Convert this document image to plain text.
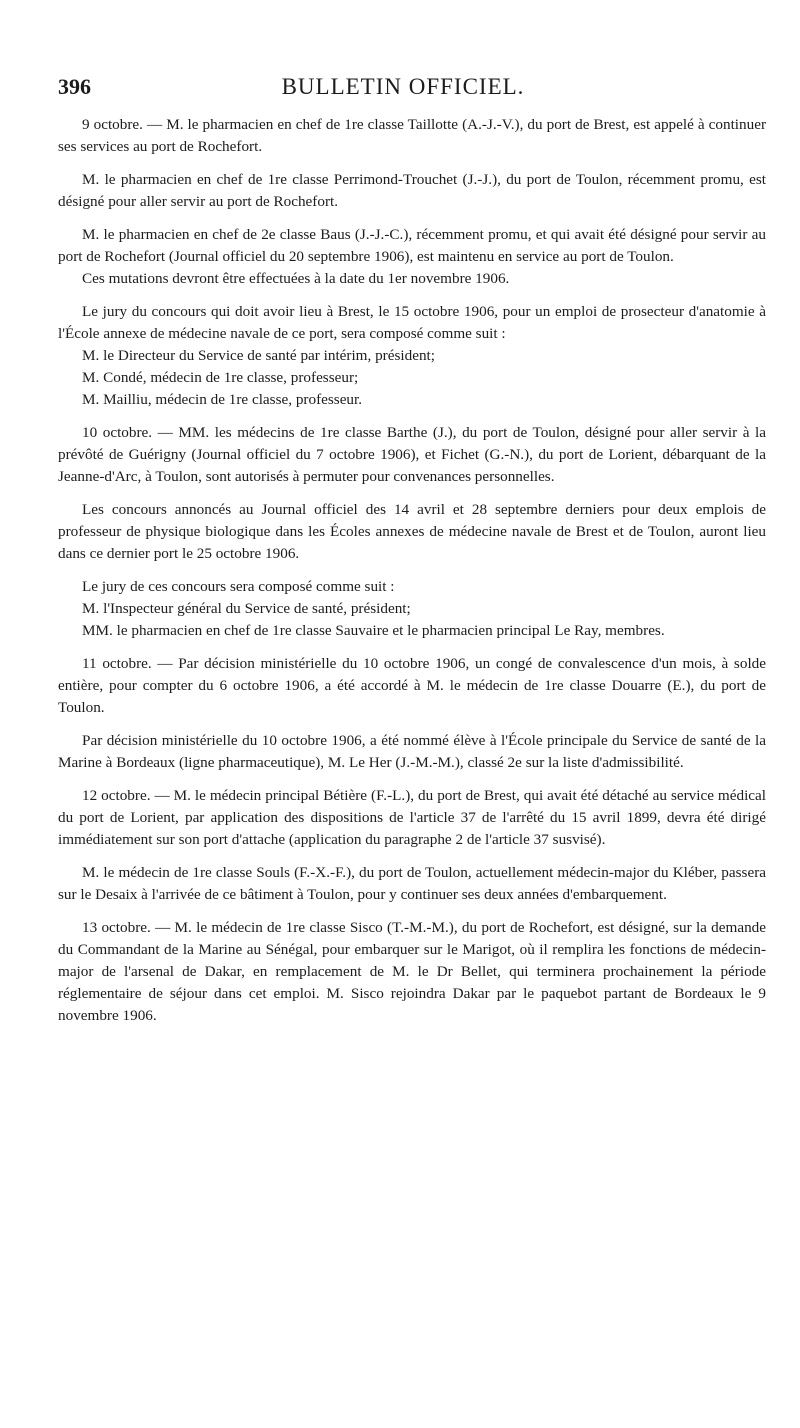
396	BULLETIN OFFICIEL.

9 octobre. — M. le pharmacien en chef de 1re classe Taillotte (A.-J.-V.), du port de Brest, est appelé à continuer ses services au port de Rochefort.

M. le pharmacien en chef de 1re classe Perrimond-Trouchet (J.-J.), du port de Toulon, récemment promu, est désigné pour aller servir au port de Rochefort.

M. le pharmacien en chef de 2e classe Baus (J.-J.-C.), récemment promu, et qui avait été désigné pour servir au port de Rochefort (Journal officiel du 20 septembre 1906), est maintenu en service au port de Toulon.

Ces mutations devront être effectuées à la date du 1er novembre 1906.

Le jury du concours qui doit avoir lieu à Brest, le 15 octobre 1906, pour un emploi de prosecteur d'anatomie à l'École annexe de médecine navale de ce port, sera composé comme suit :

M. le Directeur du Service de santé par intérim, président;

M. Condé, médecin de 1re classe, professeur;

M. Mailliu, médecin de 1re classe, professeur.

10 octobre. — MM. les médecins de 1re classe Barthe (J.), du port de Toulon, désigné pour aller servir à la prévôté de Guérigny (Journal officiel du 7 octobre 1906), et Fichet (G.-N.), du port de Lorient, débarquant de la Jeanne-d'Arc, à Toulon, sont autorisés à permuter pour convenances personnelles.

Les concours annoncés au Journal officiel des 14 avril et 28 septembre derniers pour deux emplois de professeur de physique biologique dans les Écoles annexes de médecine navale de Brest et de Toulon, auront lieu dans ce dernier port le 25 octobre 1906.

Le jury de ces concours sera composé comme suit :

M. l'Inspecteur général du Service de santé, président;

MM. le pharmacien en chef de 1re classe Sauvaire et le pharmacien principal Le Ray, membres.

11 octobre. — Par décision ministérielle du 10 octobre 1906, un congé de convalescence d'un mois, à solde entière, pour compter du 6 octobre 1906, a été accordé à M. le médecin de 1re classe Douarre (E.), du port de Toulon.

Par décision ministérielle du 10 octobre 1906, a été nommé élève à l'École principale du Service de santé de la Marine à Bordeaux (ligne pharmaceutique), M. Le Her (J.-M.-M.), classé 2e sur la liste d'admissibilité.

12 octobre. — M. le médecin principal Bétière (F.-L.), du port de Brest, qui avait été détaché au service médical du port de Lorient, par application des dispositions de l'article 37 de l'arrêté du 15 avril 1899, devra été dirigé immédiatement sur son port d'attache (application du paragraphe 2 de l'article 37 susvisé).

M. le médecin de 1re classe Souls (F.-X.-F.), du port de Toulon, actuellement médecin-major du Kléber, passera sur le Desaix à l'arrivée de ce bâtiment à Toulon, pour y continuer ses deux années d'embarquement.

13 octobre. — M. le médecin de 1re classe Sisco (T.-M.-M.), du port de Rochefort, est désigné, sur la demande du Commandant de la Marine au Sénégal, pour embarquer sur le Marigot, où il remplira les fonctions de médecin-major de l'arsenal de Dakar, en remplacement de M. le Dr Bellet, qui terminera prochainement la période réglementaire de séjour dans cet emploi. M. Sisco rejoindra Dakar par le paquebot partant de Bordeaux le 9 novembre 1906.
